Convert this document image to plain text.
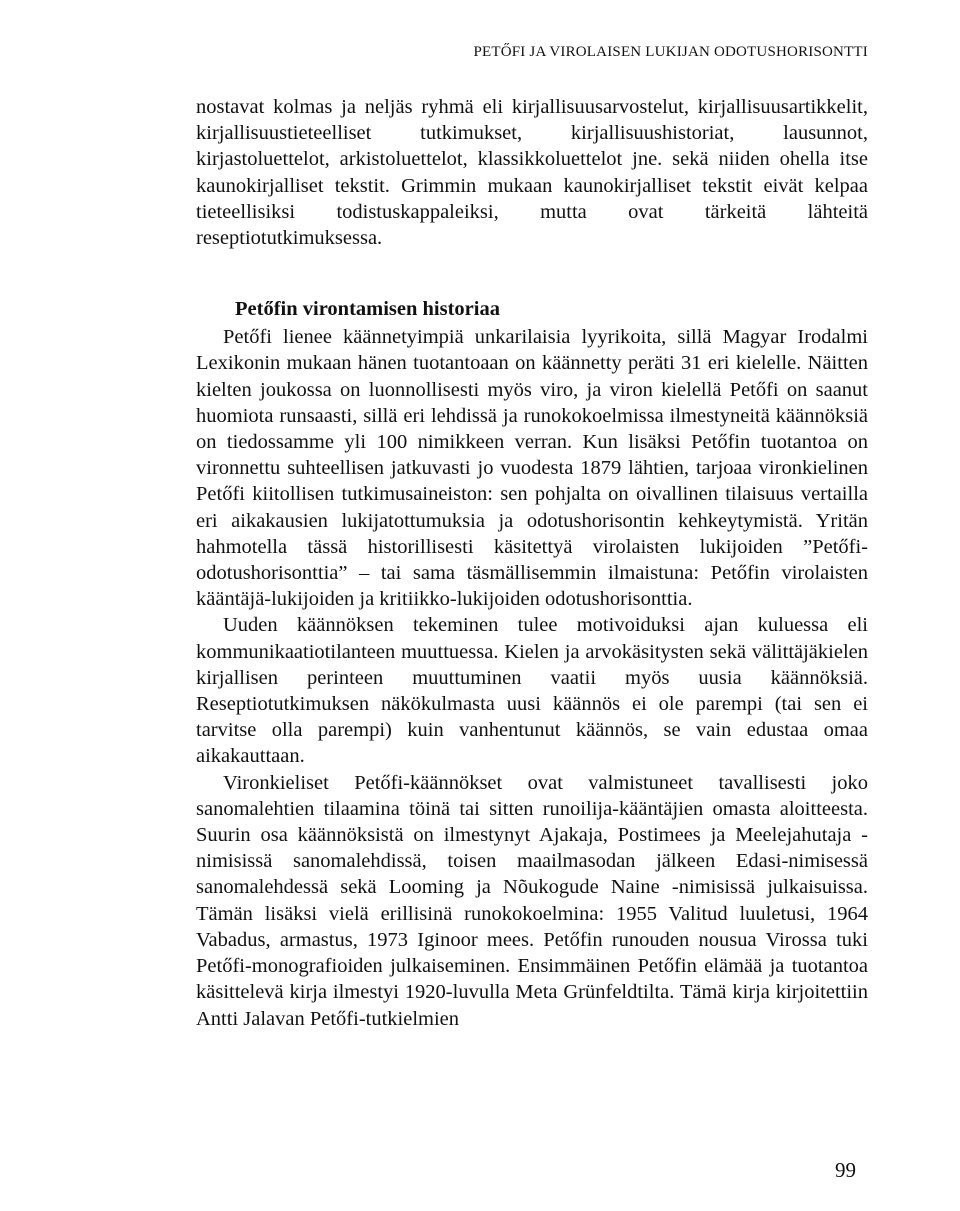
PETŐFI JA VIROLAISEN LUKIJAN ODOTUSHORISONTTI

nostavat kolmas ja neljäs ryhmä eli kirjallisuusarvostelut, kirjallisuusartikkelit, kirjallisuustieteelliset tutkimukset, kirjallisuushistoriat, lausunnot, kirjastoluettelot, arkistoluettelot, klassikkoluettelot jne. sekä niiden ohella itse kaunokirjalliset tekstit. Grimmin mukaan kaunokirjalliset tekstit eivät kelpaa tieteellisiksi todistuskappaleiksi, mutta ovat tärkeitä lähteitä reseptiotutkimuksessa.

Petőfin virontamisen historiaa

Petőfi lienee käännetyimpiä unkarilaisia lyyrikoita, sillä Magyar Irodalmi Lexikonin mukaan hänen tuotantoaan on käännetty peräti 31 eri kielelle. Näitten kielten joukossa on luonnollisesti myös viro, ja viron kielellä Petőfi on saanut huomiota runsaasti, sillä eri lehdissä ja runokokoelmissa ilmestyneitä käännöksiä on tiedossamme yli 100 nimikkeen verran. Kun lisäksi Petőfin tuotantoa on vironnettu suhteellisen jatkuvasti jo vuodesta 1879 lähtien, tarjoaa vironkielinen Petőfi kiitollisen tutkimusaineiston: sen pohjalta on oivallinen tilaisuus vertailla eri aikakausien lukijatottumuksia ja odotushorisontin kehkeytymistä. Yritän hahmotella tässä historillisesti käsitettyä virolaisten lukijoiden ”Petőfi-odotushorisonttia” – tai sama täsmällisemmin ilmaistuna: Petőfin virolaisten kääntäjä-lukijoiden ja kritiikko-lukijoiden odotushorisonttia.

Uuden käännöksen tekeminen tulee motivoiduksi ajan kuluessa eli kommunikaatiotilanteen muuttuessa. Kielen ja arvokäsitysten sekä välittäjäkielen kirjallisen perinteen muuttuminen vaatii myös uusia käännöksiä. Reseptiotutkimuksen näkökulmasta uusi käännös ei ole parempi (tai sen ei tarvitse olla parempi) kuin vanhentunut käännös, se vain edustaa omaa aikakauttaan.

Vironkieliset Petőfi-käännökset ovat valmistuneet tavallisesti joko sanomalehtien tilaamina töinä tai sitten runoilija-kääntäjien omasta aloitteesta. Suurin osa käännöksistä on ilmestynyt Ajakaja, Postimees ja Meelejahutaja -nimisissä sanomalehdissä, toisen maailmasodan jälkeen Edasi-nimisessä sanomalehdessä sekä Looming ja Nõukogude Naine -nimisissä julkaisuissa. Tämän lisäksi vielä erillisinä runokokoelmina: 1955 Valitud luuletusi, 1964 Vabadus, armastus, 1973 Iginoor mees. Petőfin runouden nousua Virossa tuki Petőfi-monografioiden julkaiseminen. Ensimmäinen Petőfin elämää ja tuotantoa käsittelevä kirja ilmestyi 1920-luvulla Meta Grünfeldtilta. Tämä kirja kirjoitettiin Antti Jalavan Petőfi-tutkielmien

99
